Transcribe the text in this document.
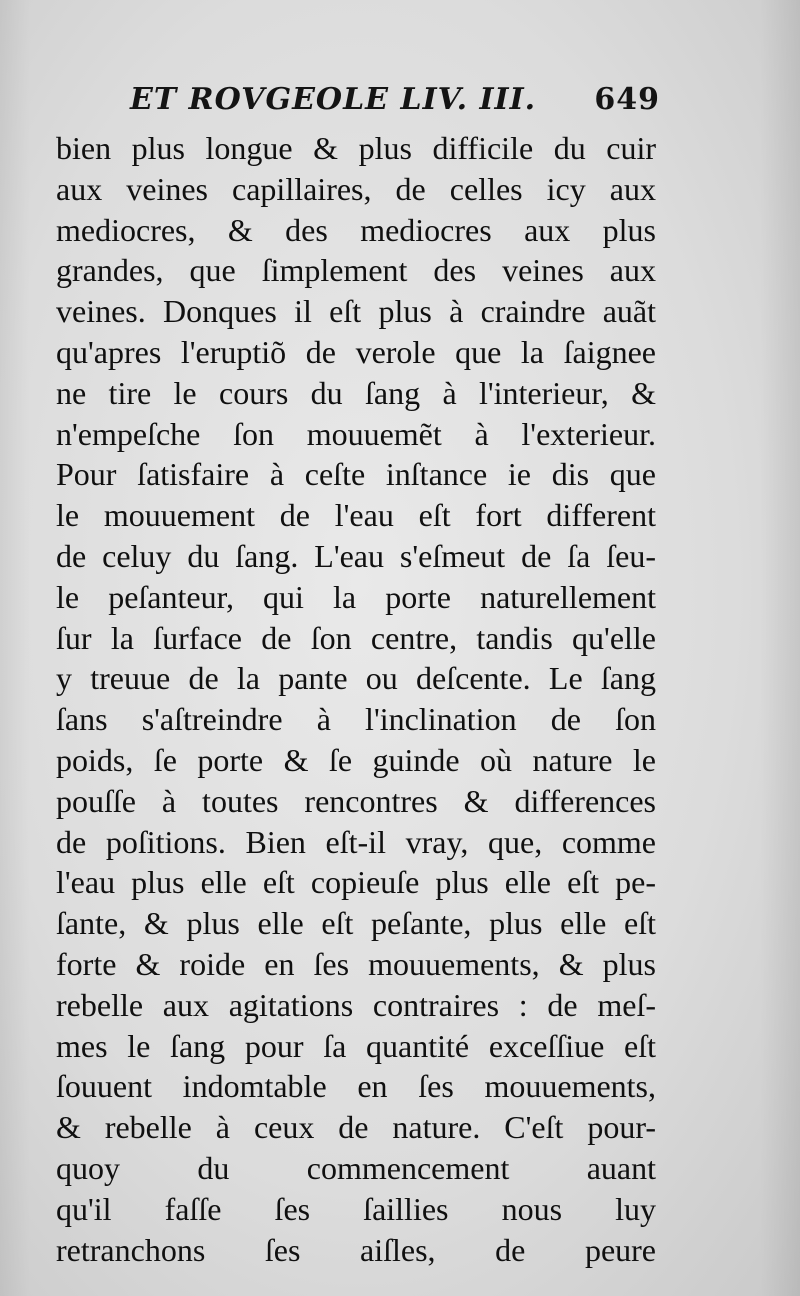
ET ROVGEOLE LIV. III. 649
bien plus longue & plus difficile du cuir
aux veines capillaires, de celles icy aux
mediocres, & des mediocres aux plus
grandes, que ſimplement des veines aux
veines. Donques il eſt plus à craindre auãt
qu'apres l'eruptiõ de verole que la ſaignee
ne tire le cours du ſang à l'interieur, &
n'empeſche ſon mouuemẽt à l'exterieur.
Pour ſatisfaire à ceſte inſtance ie dis que
le mouuement de l'eau eſt fort different
de celuy du ſang. L'eau s'eſmeut de ſa ſeu-
le peſanteur, qui la porte naturellement
ſur la ſurface de ſon centre, tandis qu'elle
y treuue de la pante ou deſcente. Le ſang
ſans s'aſtreindre à l'inclination de ſon
poids, ſe porte & ſe guinde où nature le
pouſſe à toutes rencontres & differences
de poſitions. Bien eſt-il vray, que, comme
l'eau plus elle eſt copieuſe plus elle eſt pe-
ſante, & plus elle eſt peſante, plus elle eſt
forte & roide en ſes mouuements, & plus
rebelle aux agitations contraires : de meſ-
mes le ſang pour ſa quantité exceſſiue eſt
ſouuent indomtable en ſes mouuements,
& rebelle à ceux de nature. C'eſt pour-
quoy du commencement auant
qu'il faſſe ſes ſaillies nous luy
retranchons ſes aiſles, de peure
